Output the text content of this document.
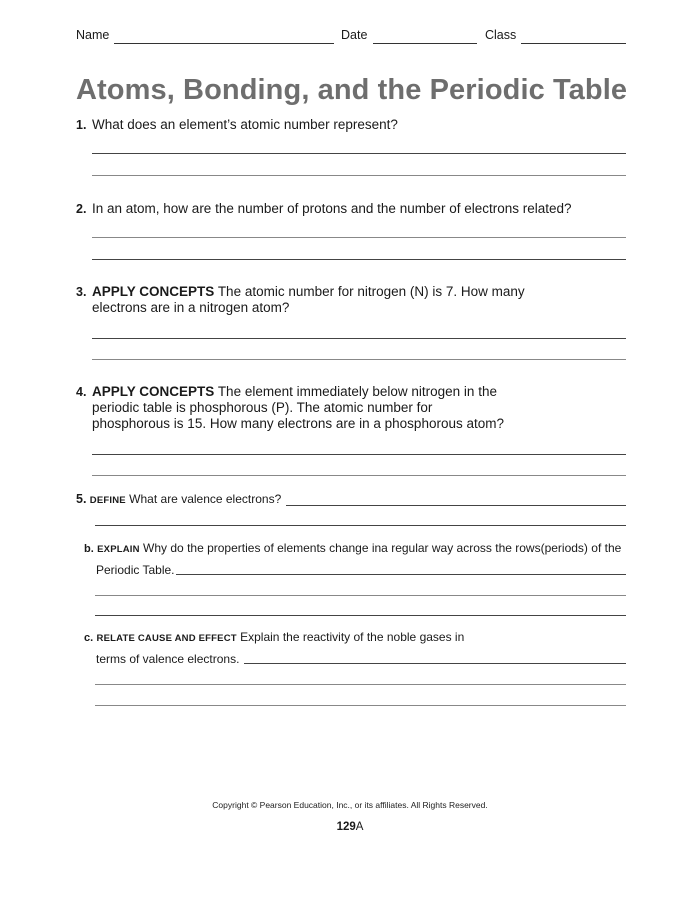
Name	Date	Class
Atoms, Bonding, and the Periodic Table
1. What does an element’s atomic number represent?
2. In an atom, how are the number of protons and the number of electrons related?
3. APPLY CONCEPTS The atomic number for nitrogen (N) is 7. How many
electrons are in a nitrogen atom?
4. APPLY CONCEPTS The element immediately below nitrogen in the
periodic table is phosphorous (P). The atomic number for
phosphorous is 15. How many electrons are in a phosphorous atom?
5. DEFINE What are valence electrons?
b. EXPLAIN Why do the properties of elements change ina regular way across the rows(periods) of the
Periodic Table.
c. RELATE CAUSE AND EFFECT Explain the reactivity of the noble gases in
terms of valence electrons.
Copyright © Pearson Education, Inc., or its affiliates. All Rights Reserved.
129A
